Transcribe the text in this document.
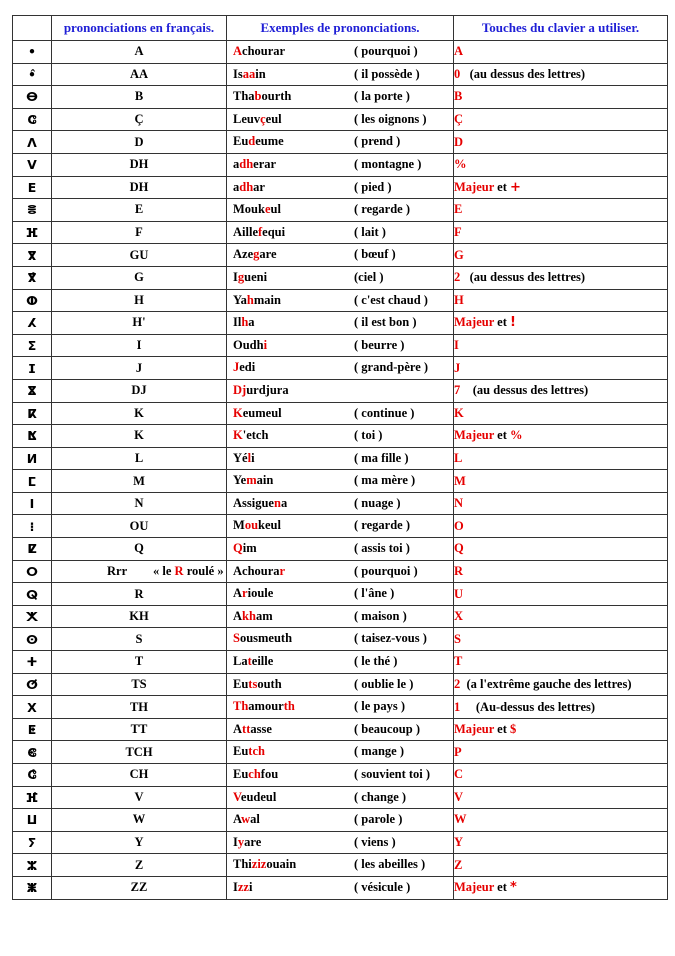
	prononciations en français.	Exemples de prononciations.	Touches du clavier a utiliser.
•	A	Achourar ( pourquoi )	A
•̂	AA	Isaain ( il possède )	0   (au dessus des lettres)
ⴱ	B	Thabourth ( la porte )	B
ⵛ	Ç	Leuvçeul ( les oignons )	Ç
ⴷ	D	Eudeume ( prend )	D
ⴸ	DH	adherar ( montagne )	%
ⴹ	DH	adhar ( pied )	Majeur et +
ⴻ	E	Moukeul ( regarde )	E
ⴼ	F	Aillefequi ( lait )	F
ⴳ	GU	Azegare ( bœuf )	G
ⴳ̂	G	Igueni (ciel )	2   (au dessus des lettres)
ⵀ	H	Yahmain ( c'est chaud )	H
ⵃ	H'	Ilha ( il est bon )	Majeur et !
ⵉ	I	Oudhi ( beurre )	I
ⵊ	J	Jedi ( grand-père )	J
ⴵ	DJ	Djurdjura	7    (au dessus des lettres)
ⴽ	K	Keumeul ( continue )	K
ⴿ	K	K'etch ( toi )	Majeur et %
ⵍ	L	Yéli ( ma fille )	L
ⵎ	M	Yemain ( ma mère )	M
ⵏ	N	Assiguena ( nuage )	N
⁝	OU	Moukeul ( regarde )	O
ⵇ	Q	Qim ( assis toi )	Q
ⵔ	Rrr « le R roulé »	Achourar ( pourquoi )	R
ⵕ	R	Arioule ( l'âne )	U
ⵅ	KH	Akham ( maison )	X
ⵙ	S	Sousmeuth ( taisez-vous )	S
ⵜ	T	Lateille ( le thé )	T
ⵚ	TS	Eutsouth ( oublie le )	2  (a l'extrême gauche des lettres)
ⵝ	TH	Thamourth ( le pays )	1     (Au-dessus des lettres)
ⵟ	TT	Attasse ( beaucoup )	Majeur et $
ⵞ	TCH	Eutch ( mange )	P
ⵛ̂	CH	Euchfou ( souvient toi )	C
ⴼ̂	V	Veudeul ( change )	V
ⵡ	W	Awal ( parole )	W
ⵢ	Y	Iyare ( viens )	Y
ⵣ	Z	Thizizouain ( les abeilles )	Z
ⵥ	ZZ	Izzi ( vésicule )	Majeur et *
